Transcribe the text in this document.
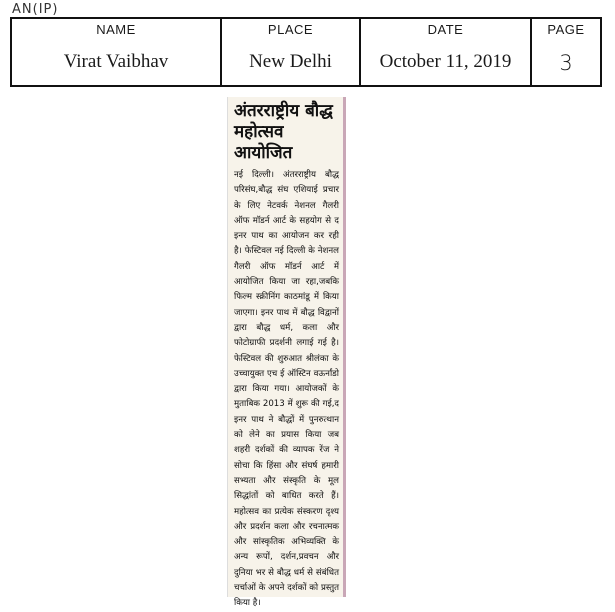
AN(IP)
NAME
Virat Vaibhav
PLACE
New Delhi
DATE
October 11, 2019
PAGE
3
अंतरराष्ट्रीय बौद्ध
महोत्सव आयोजित
नई दिल्ली। अंतरराष्ट्रीय बौद्ध परिसंघ,बौद्ध संघ एशियाई प्रचार के लिए नेटवर्क नेशनल गैलरी ऑफ मॉडर्न आर्ट के सहयोग से द इनर पाथ का आयोजन कर रही है। फेस्टिवल नई दिल्ली के नेशनल गैलरी ऑफ मॉडर्न आर्ट में आयोजित किया जा रहा,जबकि फिल्म स्क्रीनिंग काठमांडू में किया जाएगा। इनर पाथ में बौद्ध विद्वानों द्वारा बौद्ध धर्म, कला और फोटोग्राफी प्रदर्शनी लगाई गई है। फेस्टिवल की शुरुआत श्रीलंका के उच्चायुक्त एच ई ऑस्टिन वऊर्नांडो द्वारा किया गया। आयोजकों के मुताबिक 2013 में शुरू की गई,द इनर पाथ ने बौद्धों में पुनरुत्थान को लेने का प्रयास किया जब शहरी दर्शकों की व्यापक रेंज ने सोचा कि हिंसा और संघर्ष हमारी सभ्यता और संस्कृति के मूल सिद्धांतों को बाधित करते हैं। महोत्सव का प्रत्येक संस्करण दृश्य और प्रदर्शन कला और रचनात्मक और सांस्कृतिक अभिव्यक्ति के अन्य रूपों, दर्शन,प्रवचन और दुनिया भर से बौद्ध धर्म से संबंधित चर्चाओं के अपने दर्शकों को प्रस्तुत किया है।
